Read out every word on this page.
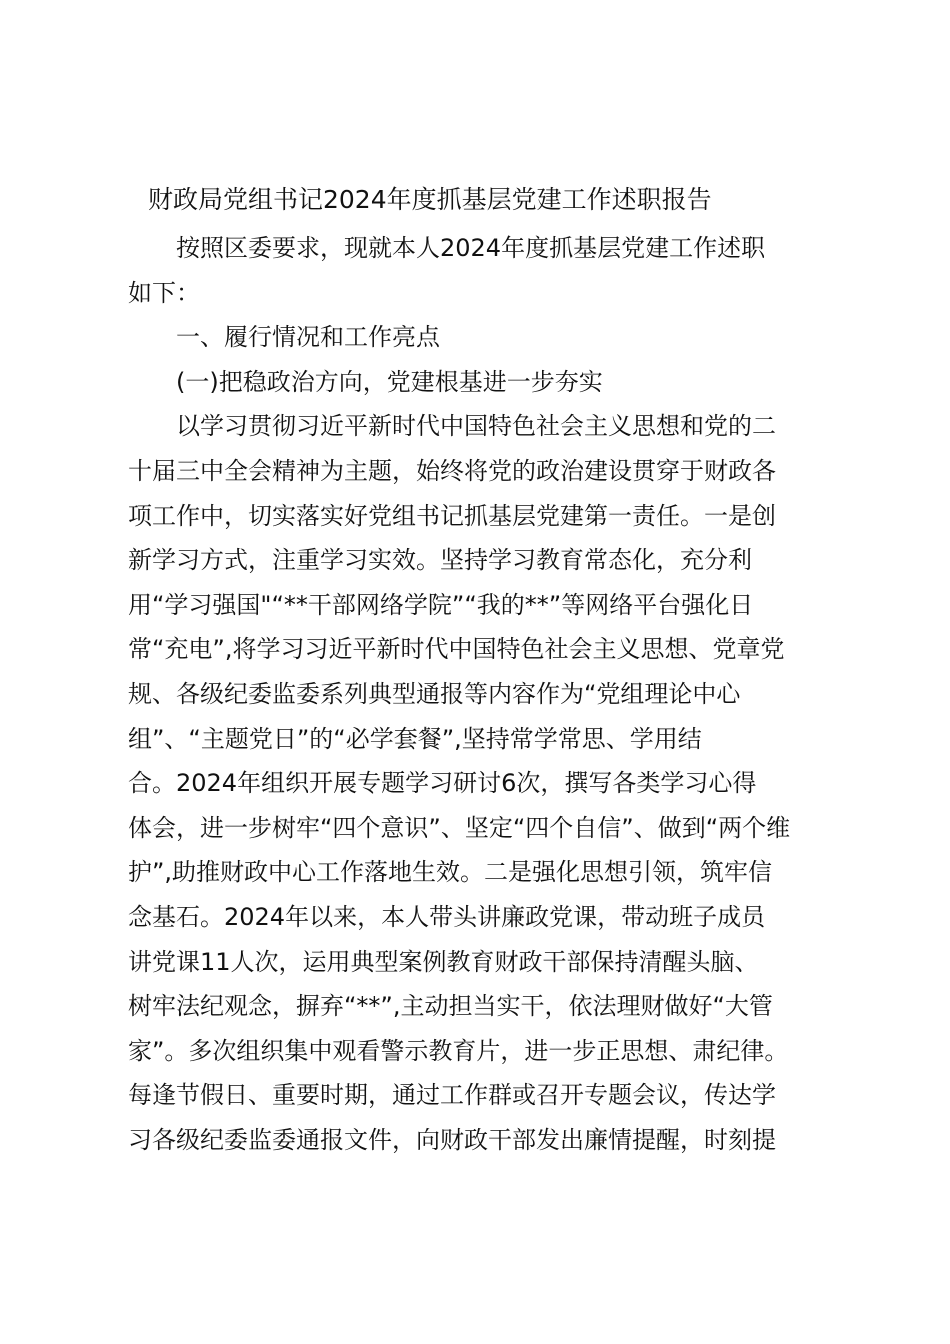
财政局党组书记2024年度抓基层党建工作述职报告
按照区委要求，现就本人2024年度抓基层党建工作述职
如下：
一、履行情况和工作亮点
(一)把稳政治方向，党建根基进一步夯实
以学习贯彻习近平新时代中国特色社会主义思想和党的二
十届三中全会精神为主题，始终将党的政治建设贯穿于财政各
项工作中，切实落实好党组书记抓基层党建第一责任。一是创
新学习方式，注重学习实效。坚持学习教育常态化，充分利
用“学习强国"“**干部网络学院”“我的**”等网络平台强化日
常“充电”,将学习习近平新时代中国特色社会主义思想、党章党
规、各级纪委监委系列典型通报等内容作为“党组理论中心
组”、“主题党日”的“必学套餐”,坚持常学常思、学用结
合。2024年组织开展专题学习研讨6次，撰写各类学习心得
体会，进一步树牢“四个意识”、坚定“四个自信”、做到“两个维
护”,助推财政中心工作落地生效。二是强化思想引领，筑牢信
念基石。2024年以来，本人带头讲廉政党课，带动班子成员
讲党课11人次，运用典型案例教育财政干部保持清醒头脑、
树牢法纪观念，摒弃“**”,主动担当实干，依法理财做好“大管
家”。多次组织集中观看警示教育片，进一步正思想、肃纪律。
每逢节假日、重要时期，通过工作群或召开专题会议，传达学
习各级纪委监委通报文件，向财政干部发出廉情提醒，时刻提
